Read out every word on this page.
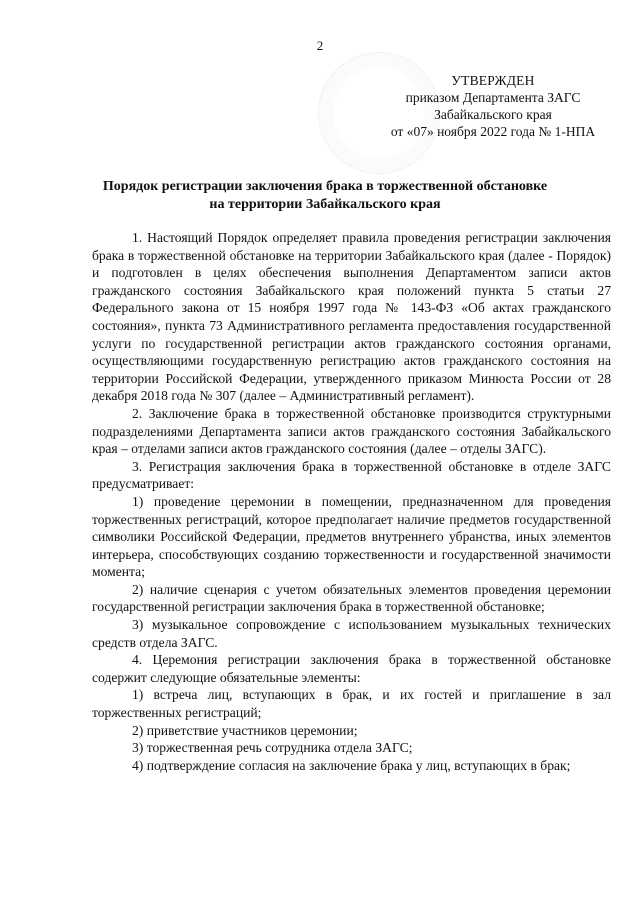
2
УТВЕРЖДЕН
приказом Департамента ЗАГС
Забайкальского края
от «07» ноября 2022 года № 1-НПА
Порядок регистрации заключения брака в торжественной обстановке
на территории Забайкальского края

1. Настоящий Порядок определяет правила проведения регистрации заключения брака в торжественной обстановке на территории Забайкальского края (далее - Порядок) и подготовлен в целях обеспечения выполнения Департаментом записи актов гражданского состояния Забайкальского края положений пункта 5 статьи 27 Федерального закона от 15 ноября 1997 года № 143-ФЗ «Об актах гражданского состояния», пункта 73 Административного регламента предоставления государственной услуги по государственной регистрации актов гражданского состояния органами, осуществляющими государственную регистрацию актов гражданского состояния на территории Российской Федерации, утвержденного приказом Минюста России от 28 декабря 2018 года № 307 (далее – Административный регламент).

2. Заключение брака в торжественной обстановке производится структурными подразделениями Департамента записи актов гражданского состояния Забайкальского края – отделами записи актов гражданского состояния (далее – отделы ЗАГС).

3. Регистрация заключения брака в торжественной обстановке в отделе ЗАГС предусматривает:

1) проведение церемонии в помещении, предназначенном для проведения торжественных регистраций, которое предполагает наличие предметов государственной символики Российской Федерации, предметов внутреннего убранства, иных элементов интерьера, способствующих созданию торжественности и государственной значимости момента;

2) наличие сценария с учетом обязательных элементов проведения церемонии государственной регистрации заключения брака в торжественной обстановке;

3) музыкальное сопровождение с использованием музыкальных технических средств отдела ЗАГС.

4. Церемония регистрации заключения брака в торжественной обстановке содержит следующие обязательные элементы:

1) встреча лиц, вступающих в брак, и их гостей и приглашение в зал торжественных регистраций;

2) приветствие участников церемонии;

3) торжественная речь сотрудника отдела ЗАГС;

4) подтверждение согласия на заключение брака у лиц, вступающих в брак;
